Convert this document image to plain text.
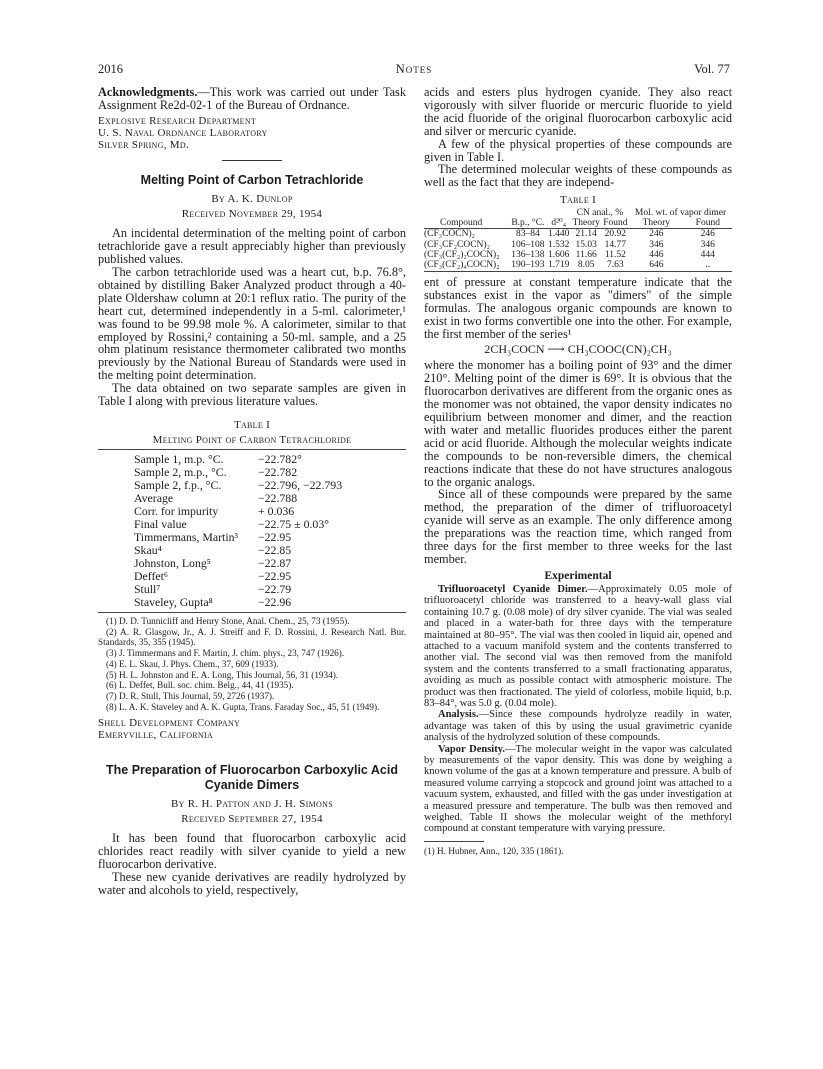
2016	Notes	Vol. 77

Acknowledgments.—This work was carried out under Task Assignment Re2d-02-1 of the Bureau of Ordnance.

Explosive Research Department
U. S. Naval Ordnance Laboratory
Silver Spring, Md.
Melting Point of Carbon Tetrachloride
By A. K. Dunlop
Received November 29, 1954

An incidental determination of the melting point of carbon tetrachloride gave a result appreciably higher than previously published values.

The carbon tetrachloride used was a heart cut, b.p. 76.8°, obtained by distilling Baker Analyzed product through a 40-plate Oldershaw column at 20:1 reflux ratio. The purity of the heart cut, determined independently in a 5-ml. calorimeter,¹ was found to be 99.98 mole %. A calorimeter, similar to that employed by Rossini,² containing a 50-ml. sample, and a 25 ohm platinum resistance thermometer calibrated two months previously by the National Bureau of Standards were used in the melting point determination.

The data obtained on two separate samples are given in Table I along with previous literature values.

Table I
Melting Point of Carbon Tetrachloride
Sample 1, m.p. °C.	−22.782°
Sample 2, m.p., °C.	−22.782
Sample 2, f.p., °C.	−22.796, −22.793
Average	−22.788
Corr. for impurity	+ 0.036
Final value	−22.75 ± 0.03°
Timmermans, Martin³	−22.95
Skau⁴	−22.85
Johnston, Long⁵	−22.87
Deffet⁶	−22.95
Stull⁷	−22.79
Staveley, Gupta⁸	−22.96

(1) D. D. Tunnicliff and Henry Stone, Anal. Chem., 25, 73 (1955).

(2) A. R. Glasgow, Jr., A. J. Streiff and F. D. Rossini, J. Research Natl. Bur. Standards, 35, 355 (1945).

(3) J. Timmermans and F. Martin, J. chim. phys., 23, 747 (1926).

(4) E. L. Skau, J. Phys. Chem., 37, 609 (1933).

(5) H. L. Johnston and E. A. Long, This Journal, 56, 31 (1934).

(6) L. Deffet, Bull. soc. chim. Belg., 44, 41 (1935).

(7) D. R. Stull, This Journal, 59, 2726 (1937).

(8) L. A. K. Staveley and A. K. Gupta, Trans. Faraday Soc., 45, 51 (1949).

Shell Development Company
Emeryville, California
The Preparation of Fluorocarbon Carboxylic Acid Cyanide Dimers
By R. H. Patton and J. H. Simons
Received September 27, 1954

It has been found that fluorocarbon carboxylic acid chlorides react readily with silver cyanide to yield a new fluorocarbon derivative.

These new cyanide derivatives are readily hydrolyzed by water and alcohols to yield, respectively,

acids and esters plus hydrogen cyanide. They also react vigorously with silver fluoride or mercuric fluoride to yield the acid fluoride of the original fluorocarbon carboxylic acid and silver or mercuric cyanide.

A few of the physical properties of these compounds are given in Table I.

The determined molecular weights of these compounds as well as the fact that they are independ-

Table I
Compound	B.p., °C.	d²⁰₄	CN anal., %		Mol. wt. of vapor dimer	
			Theory	Found	Theory	Found
(CF₃COCN)₂	83–84	1.440	21.14	20.92	246	246
(CF₃CF₂COCN)₂	106–108	1.532	15.03	14.77	346	346
(CF₃(CF₂)₂COCN)₂	136–138	1.606	11.66	11.52	446	444
(CF₃(CF₂)₄COCN)₂	190–193	1.719	8.05	7.63	646	..

ent of pressure at constant temperature indicate that the substances exist in the vapor as "dimers" of the simple formulas. The analogous organic compounds are known to exist in two forms convertible one into the other. For example, the first member of the series¹

2CH₃COCN ⟶ CH₃COOC(CN)₂CH₃

where the monomer has a boiling point of 93° and the dimer 210°. Melting point of the dimer is 69°. It is obvious that the fluorocarbon derivatives are different from the organic ones as the monomer was not obtained, the vapor density indicates no equilibrium between monomer and dimer, and the reaction with water and metallic fluorides produces either the parent acid or acid fluoride. Although the molecular weights indicate the compounds to be non-reversible dimers, the chemical reactions indicate that these do not have structures analogous to the organic analogs.

Since all of these compounds were prepared by the same method, the preparation of the dimer of trifluoroacetyl cyanide will serve as an example. The only difference among the preparations was the reaction time, which ranged from three days for the first member to three weeks for the last member.

Experimental

Trifluoroacetyl Cyanide Dimer.—Approximately 0.05 mole of trifluoroacetyl chloride was transferred to a heavy-wall glass vial containing 10.7 g. (0.08 mole) of dry silver cyanide. The vial was sealed and placed in a water-bath for three days with the temperature maintained at 80–95°. The vial was then cooled in liquid air, opened and attached to a vacuum manifold system and the contents transferred to another vial. The second vial was then removed from the manifold system and the contents transferred to a small fractionating apparatus, avoiding as much as possible contact with atmospheric moisture. The product was then fractionated. The yield of colorless, mobile liquid, b.p. 83–84°, was 5.0 g. (0.04 mole).

Analysis.—Since these compounds hydrolyze readily in water, advantage was taken of this by using the usual gravimetric cyanide analysis of the hydrolyzed solution of these compounds.

Vapor Density.—The molecular weight in the vapor was calculated by measurements of the vapor density. This was done by weighing a known volume of the gas at a known temperature and pressure. A bulb of measured volume carrying a stopcock and ground joint was attached to a vacuum system, exhausted, and filled with the gas under investigation at a measured pressure and temperature. The bulb was then removed and weighed. Table II shows the molecular weight of the methforyl compound at constant temperature with varying pressure.

(1) H. Hubner, Ann., 120, 335 (1861).
